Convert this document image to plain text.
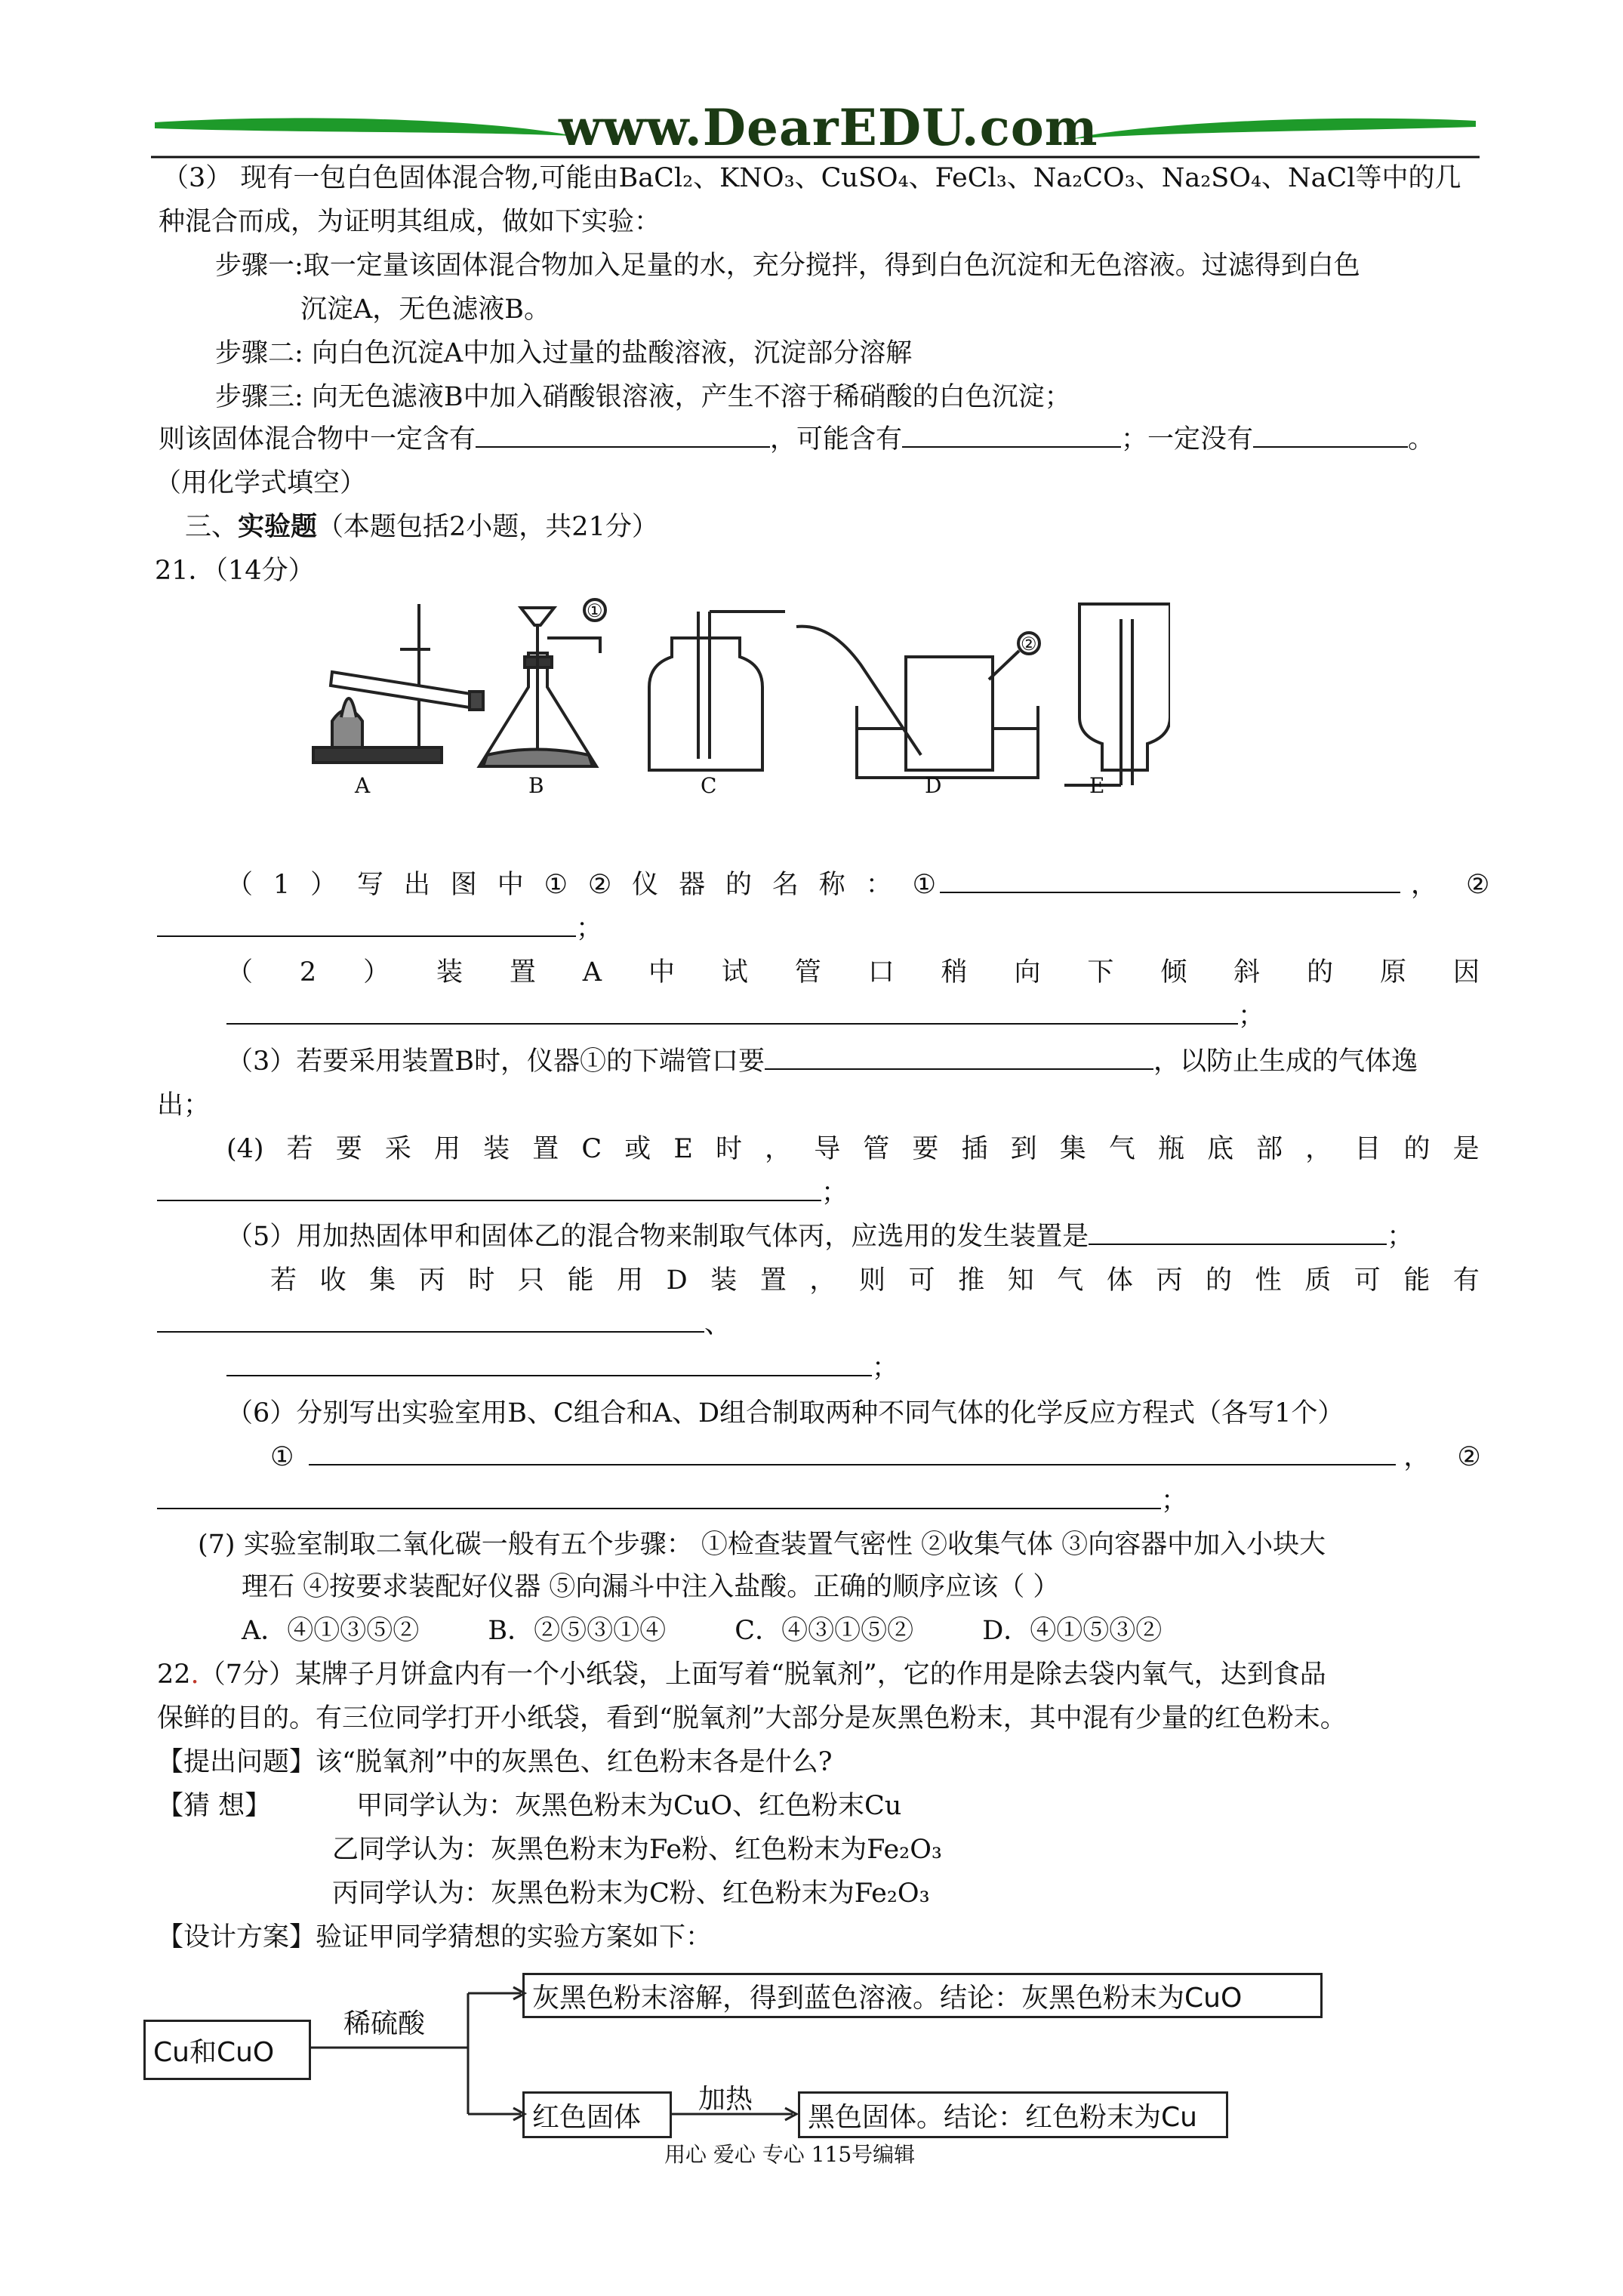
www.DearEDU.com
（3） 现有一包白色固体混合物,可能由BaCl₂、KNO₃、CuSO₄、FeCl₃、Na₂CO₃、Na₂SO₄、NaCl等中的几
种混合而成，为证明其组成，做如下实验：
步骤一:取一定量该固体混合物加入足量的水，充分搅拌，得到白色沉淀和无色溶液。过滤得到白色
沉淀A，无色滤液B。
步骤二: 向白色沉淀A中加入过量的盐酸溶液，沉淀部分溶解
步骤三: 向无色滤液B中加入硝酸银溶液，产生不溶于稀硝酸的白色沉淀；
则该固体混合物中一定含有	，可能含有	；一定没有	。
（用化学式填空）
三、实验题（本题包括2小题，共21分）
21．（14分）
A	B	C	D	E
①
②
（ 1 ） 写 出 图 中 ① ② 仪 器 的 名 称 ： ①	， ②
；
（ 2 ） 装 置 A 中 试 管 口 稍 向 下 倾 斜 的 原 因
；
（3）若要采用装置B时，仪器①的下端管口要	，以防止生成的气体逸
出；
(4) 若 要 采 用 装 置 C 或 E 时 ， 导 管 要 插 到 集 气 瓶 底 部 ， 目 的 是
；
（5）用加热固体甲和固体乙的混合物来制取气体丙，应选用的发生装置是	；
若 收 集 丙 时 只 能 用 D 装 置 ， 则 可 推 知 气 体 丙 的 性 质 可 能 有
、
；
（6）分别写出实验室用B、C组合和A、D组合制取两种不同气体的化学反应方程式（各写1个）
①	， ②
；
(7) 实验室制取二氧化碳一般有五个步骤： ①检查装置气密性 ②收集气体 ③向容器中加入小块大
理石 ④按要求装配好仪器 ⑤向漏斗中注入盐酸。正确的顺序应该（ ）
A．④①③⑤②	B．②⑤③①④	C．④③①⑤②	D．④①⑤③②
22.（7分）某牌子月饼盒内有一个小纸袋，上面写着“脱氧剂”，它的作用是除去袋内氧气，达到食品
保鲜的目的。有三位同学打开小纸袋，看到“脱氧剂”大部分是灰黑色粉末，其中混有少量的红色粉末。
【提出问题】该“脱氧剂”中的灰黑色、红色粉末各是什么?
【猜 想】	甲同学认为：灰黑色粉末为CuO、红色粉末Cu
乙同学认为：灰黑色粉末为Fe粉、红色粉末为Fe₂O₃
丙同学认为：灰黑色粉末为C粉、红色粉末为Fe₂O₃
【设计方案】验证甲同学猜想的实验方案如下：
Cu和CuO
稀硫酸
灰黑色粉末溶解，得到蓝色溶液。结论：灰黑色粉末为CuO
红色固体
加热
黑色固体。结论：红色粉末为Cu
用心 爱心 专心 115号编辑
